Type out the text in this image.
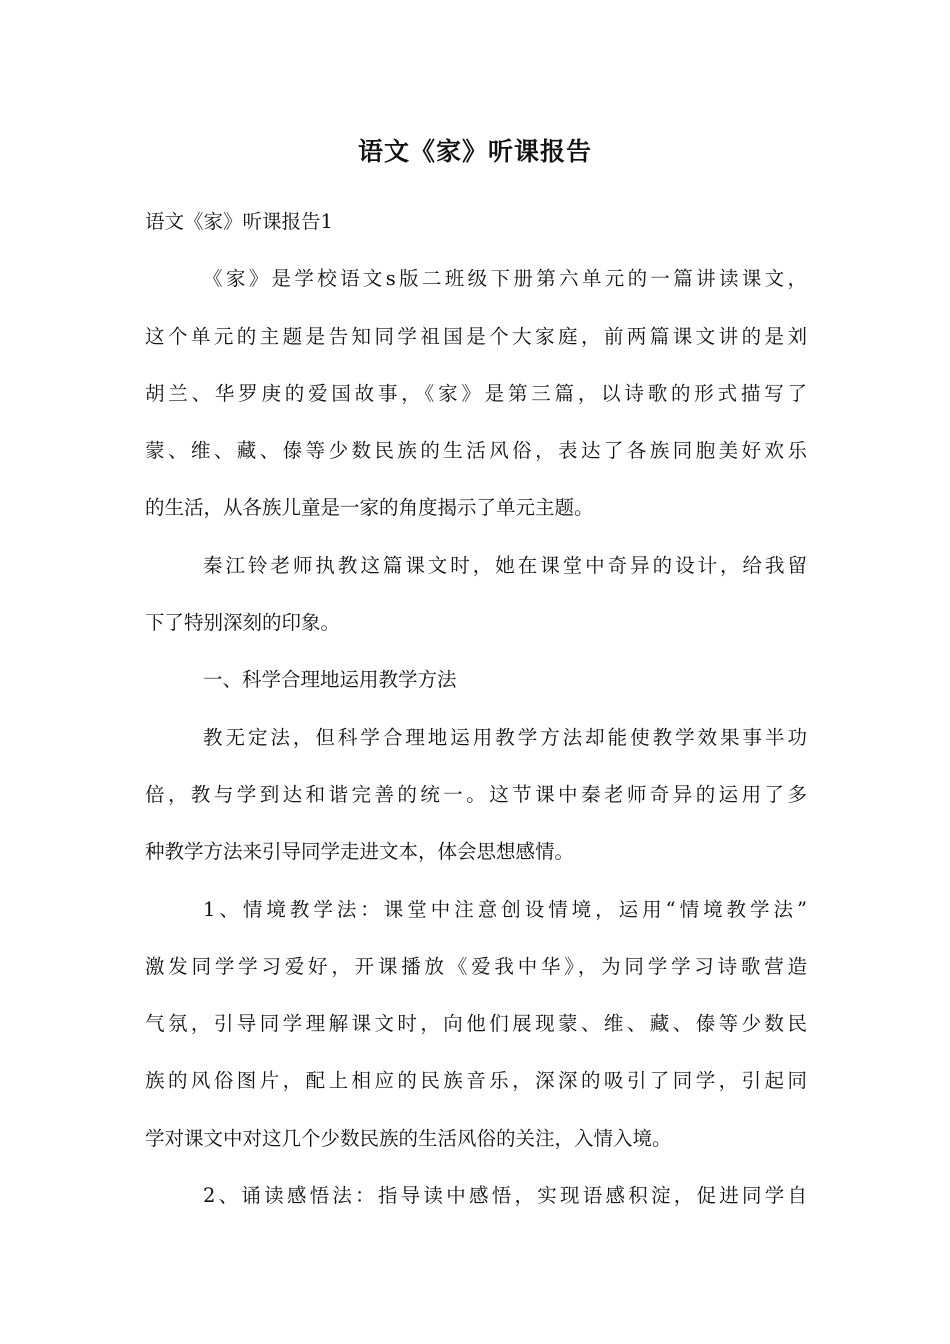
语文《家》听课报告
语文《家》听课报告1
《家》是学校语文s版二班级下册第六单元的一篇讲读课文，
这个单元的主题是告知同学祖国是个大家庭，前两篇课文讲的是刘
胡兰、华罗庚的爱国故事，《家》是第三篇，以诗歌的形式描写了
蒙、维、藏、傣等少数民族的生活风俗，表达了各族同胞美好欢乐
的生活，从各族儿童是一家的角度揭示了单元主题。
秦江铃老师执教这篇课文时，她在课堂中奇异的设计，给我留
下了特别深刻的印象。
一、科学合理地运用教学方法
教无定法，但科学合理地运用教学方法却能使教学效果事半功
倍，教与学到达和谐完善的统一。这节课中秦老师奇异的运用了多
种教学方法来引导同学走进文本，体会思想感情。
1、情境教学法：课堂中注意创设情境，运用“情境教学法”
激发同学学习爱好，开课播放《爱我中华》，为同学学习诗歌营造
气氛，引导同学理解课文时，向他们展现蒙、维、藏、傣等少数民
族的风俗图片，配上相应的民族音乐，深深的吸引了同学，引起同
学对课文中对这几个少数民族的生活风俗的关注，入情入境。
2、诵读感悟法：指导读中感悟，实现语感积淀，促进同学自
